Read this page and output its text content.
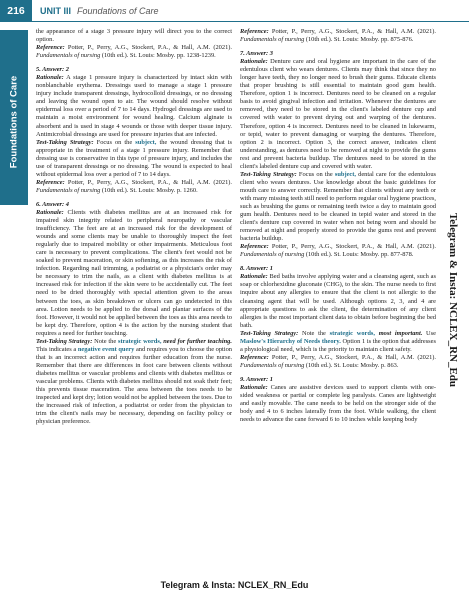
216	UNIT III Foundations of Care
Foundations of Care
Telegram & Insta: NCLEX_RN_Edu

the appearance of a stage 3 pressure injury will direct you to the correct option.

Reference: Potter, P., Perry, A.G., Stockert, P.A., & Hall, A.M. (2021). Fundamentals of nursing (10th ed.). St. Louis: Mosby. pp. 1238-1239.

5. Answer: 2

Rationale: A stage 1 pressure injury is characterized by intact skin with nonblanchable erythema. Dressings used to manage a stage 1 pressure injury include transparent dressings, hydrocolloid dressings, or no dressing and leaving the wound open to air. The wound should resolve without epidermal loss over a period of 7 to 14 days. Hydrogel dressings are used to maintain a moist environment for wound healing. Calcium alginate is absorbent and is used in stage 4 wounds or those with deeper tissue injury. Antimicrobial dressings are used for pressure injuries that are infected.

Test-Taking Strategy: Focus on the subject, the wound dressing that is appropriate in the treatment of a stage 1 pressure injury. Remember that dressing use is conservative in this type of pressure injury, and includes the use of transparent dressings or no dressing. The wound is expected to heal without epidermal loss over a period of 7 to 14 days.

Reference: Potter, P., Perry, A.G., Stockert, P.A., & Hall, A.M. (2021). Fundamentals of nursing (10th ed.). St. Louis: Mosby. p. 1260.

6. Answer: 4

Rationale: Clients with diabetes mellitus are at an increased risk for impaired skin integrity related to peripheral neuropathy or vascular insufficiency. The feet are at an increased risk for the development of wounds and some clients may be unable to thoroughly inspect the feet regularly due to impaired mobility or other impairments. Meticulous foot care is necessary to prevent complications. The client's feet would not be soaked to prevent maceration, or skin softening, as this increases the risk of infection. Regarding nail trimming, a podiatrist or a physician's order may be necessary to trim the nails, as a client with diabetes mellitus is at increased risk for infection if the skin were to be accidentally cut. The feet need to be dried thoroughly with special attention given to the areas between the toes, as skin breakdown or ulcers can go undetected in this area. Lotion needs to be applied to the dorsal and plantar surfaces of the foot. However, it would not be applied between the toes as this area needs to be kept dry. Therefore, option 4 is the action by the nursing student that requires a need for further teaching.

Test-Taking Strategy: Note the strategic words, need for further teaching. This indicates a negative event query and requires you to choose the option that is an incorrect action and requires further education from the nurse. Remember that there are differences in foot care between clients without diabetes mellitus or vascular problems and clients with diabetes mellitus or vascular problems. Clients with diabetes mellitus should not soak their feet; this prevents tissue maceration. The area between the toes needs to be inspected and kept dry; lotion would not be applied between the toes. Due to the increased risk of infection, a podiatrist or order from the physician to trim the client's nails may be necessary, depending on facility policy or physician preference.

Reference: Potter, P., Perry, A.G., Stockert, P.A., & Hall, A.M. (2021). Fundamentals of nursing (10th ed.). St. Louis: Mosby. pp. 875-876.

7. Answer: 3

Rationale: Denture care and oral hygiene are important in the care of the edentulous client who wears dentures. Clients may think that since they no longer have teeth, they no longer need to brush their gums. Educate clients that proper brushing is still essential to maintain good gum health. Therefore, option 1 is incorrect. Dentures need to be cleaned on a regular basis to avoid gingival infection and irritation. Whenever the dentures are removed, they need to be stored in the client's labeled denture cup and covered with water to prevent drying out and warping of the dentures. Therefore, option 4 is incorrect. Dentures need to be cleaned in lukewarm, or tepid, water to prevent damaging or warping the dentures. Therefore, option 2 is incorrect. Option 3, the correct answer, indicates client understanding, as dentures need to be removed at night to provide the gums rest and prevent bacteria buildup. The dentures need to be stored in the client's labeled denture cup and covered with water.

Test-Taking Strategy: Focus on the subject, dental care for the edentulous client who wears dentures. Use knowledge about the basic guidelines for mouth care to answer correctly. Remember that clients without any teeth or with many missing teeth still need to perform regular oral hygiene practices, such as brushing the gums or remaining teeth twice a day to maintain good gum health. Dentures need to be cleaned in tepid water and stored in the client's denture cup covered in water when not being worn and should be removed at night and properly stored to provide the gums rest and prevent bacteria buildup.

Reference: Potter, P., Perry, A.G., Stockert, P.A., & Hall, A.M. (2021). Fundamentals of nursing (10th ed.). St. Louis: Mosby. pp. 877-878.

8. Answer: 1

Rationale: Bed baths involve applying water and a cleansing agent, such as soap or chlorhexidine gluconate (CHG), to the skin. The nurse needs to first inquire about any allergies to ensure that the client is not allergic to the cleansing agent that will be used. Although options 2, 3, and 4 are appropriate questions to ask the client, the determination of any client allergies is the most important client data to obtain before beginning the bed bath.

Test-Taking Strategy: Note the strategic words, most important. Use Maslow's Hierarchy of Needs theory. Option 1 is the option that addresses a physiological need, which is the priority to maintain client safety.

Reference: Potter, P., Perry, A.G., Stockert, P.A., & Hall, A.M. (2021). Fundamentals of nursing (10th ed.). St. Louis: Mosby. p. 863.

9. Answer: 1

Rationale: Canes are assistive devices used to support clients with one-sided weakness or partial or complete leg paralysis. Canes are lightweight and easily movable. The cane needs to be held on the stronger side of the body and 4 to 6 inches laterally from the foot. While walking, the client needs to advance the cane forward 6 to 10 inches while keeping body

Telegram & Insta: NCLEX_RN_Edu
